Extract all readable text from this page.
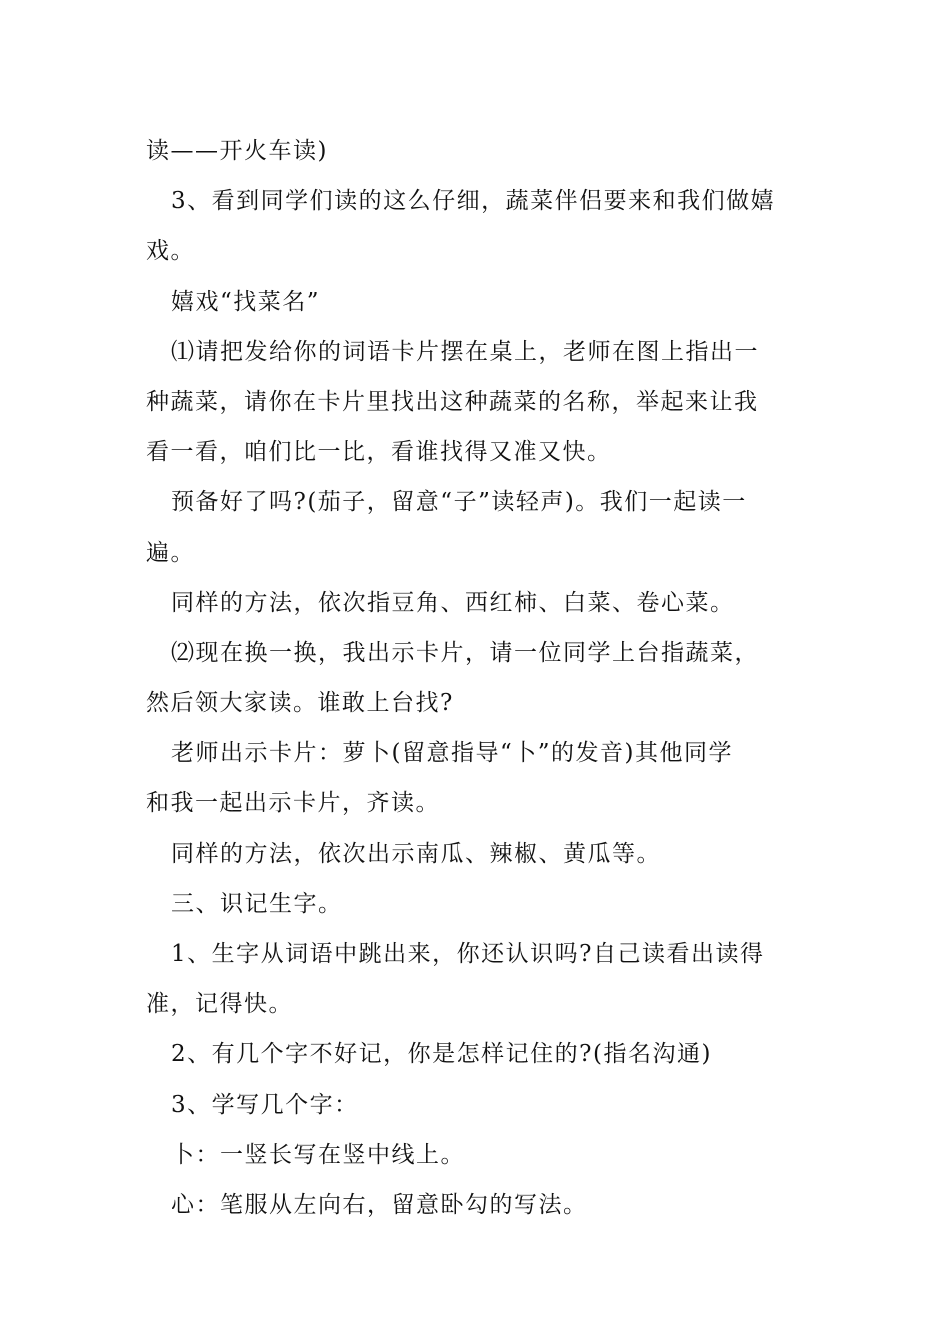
读——开火车读)
3、看到同学们读的这么仔细，蔬菜伴侣要来和我们做嬉
戏。
嬉戏“找菜名”
⑴请把发给你的词语卡片摆在桌上，老师在图上指出一
种蔬菜，请你在卡片里找出这种蔬菜的名称，举起来让我
看一看，咱们比一比，看谁找得又准又快。
预备好了吗?(茄子，留意“子”读轻声)。我们一起读一
遍。
同样的方法，依次指豆角、西红柿、白菜、卷心菜。
⑵现在换一换，我出示卡片，请一位同学上台指蔬菜，
然后领大家读。谁敢上台找?
老师出示卡片：萝卜(留意指导“卜”的发音)其他同学
和我一起出示卡片，齐读。
同样的方法，依次出示南瓜、辣椒、黄瓜等。
三、识记生字。
1、生字从词语中跳出来，你还认识吗?自己读看出读得
准，记得快。
2、有几个字不好记，你是怎样记住的?(指名沟通)
3、学写几个字：
卜：一竖长写在竖中线上。
心：笔服从左向右，留意卧勾的写法。
